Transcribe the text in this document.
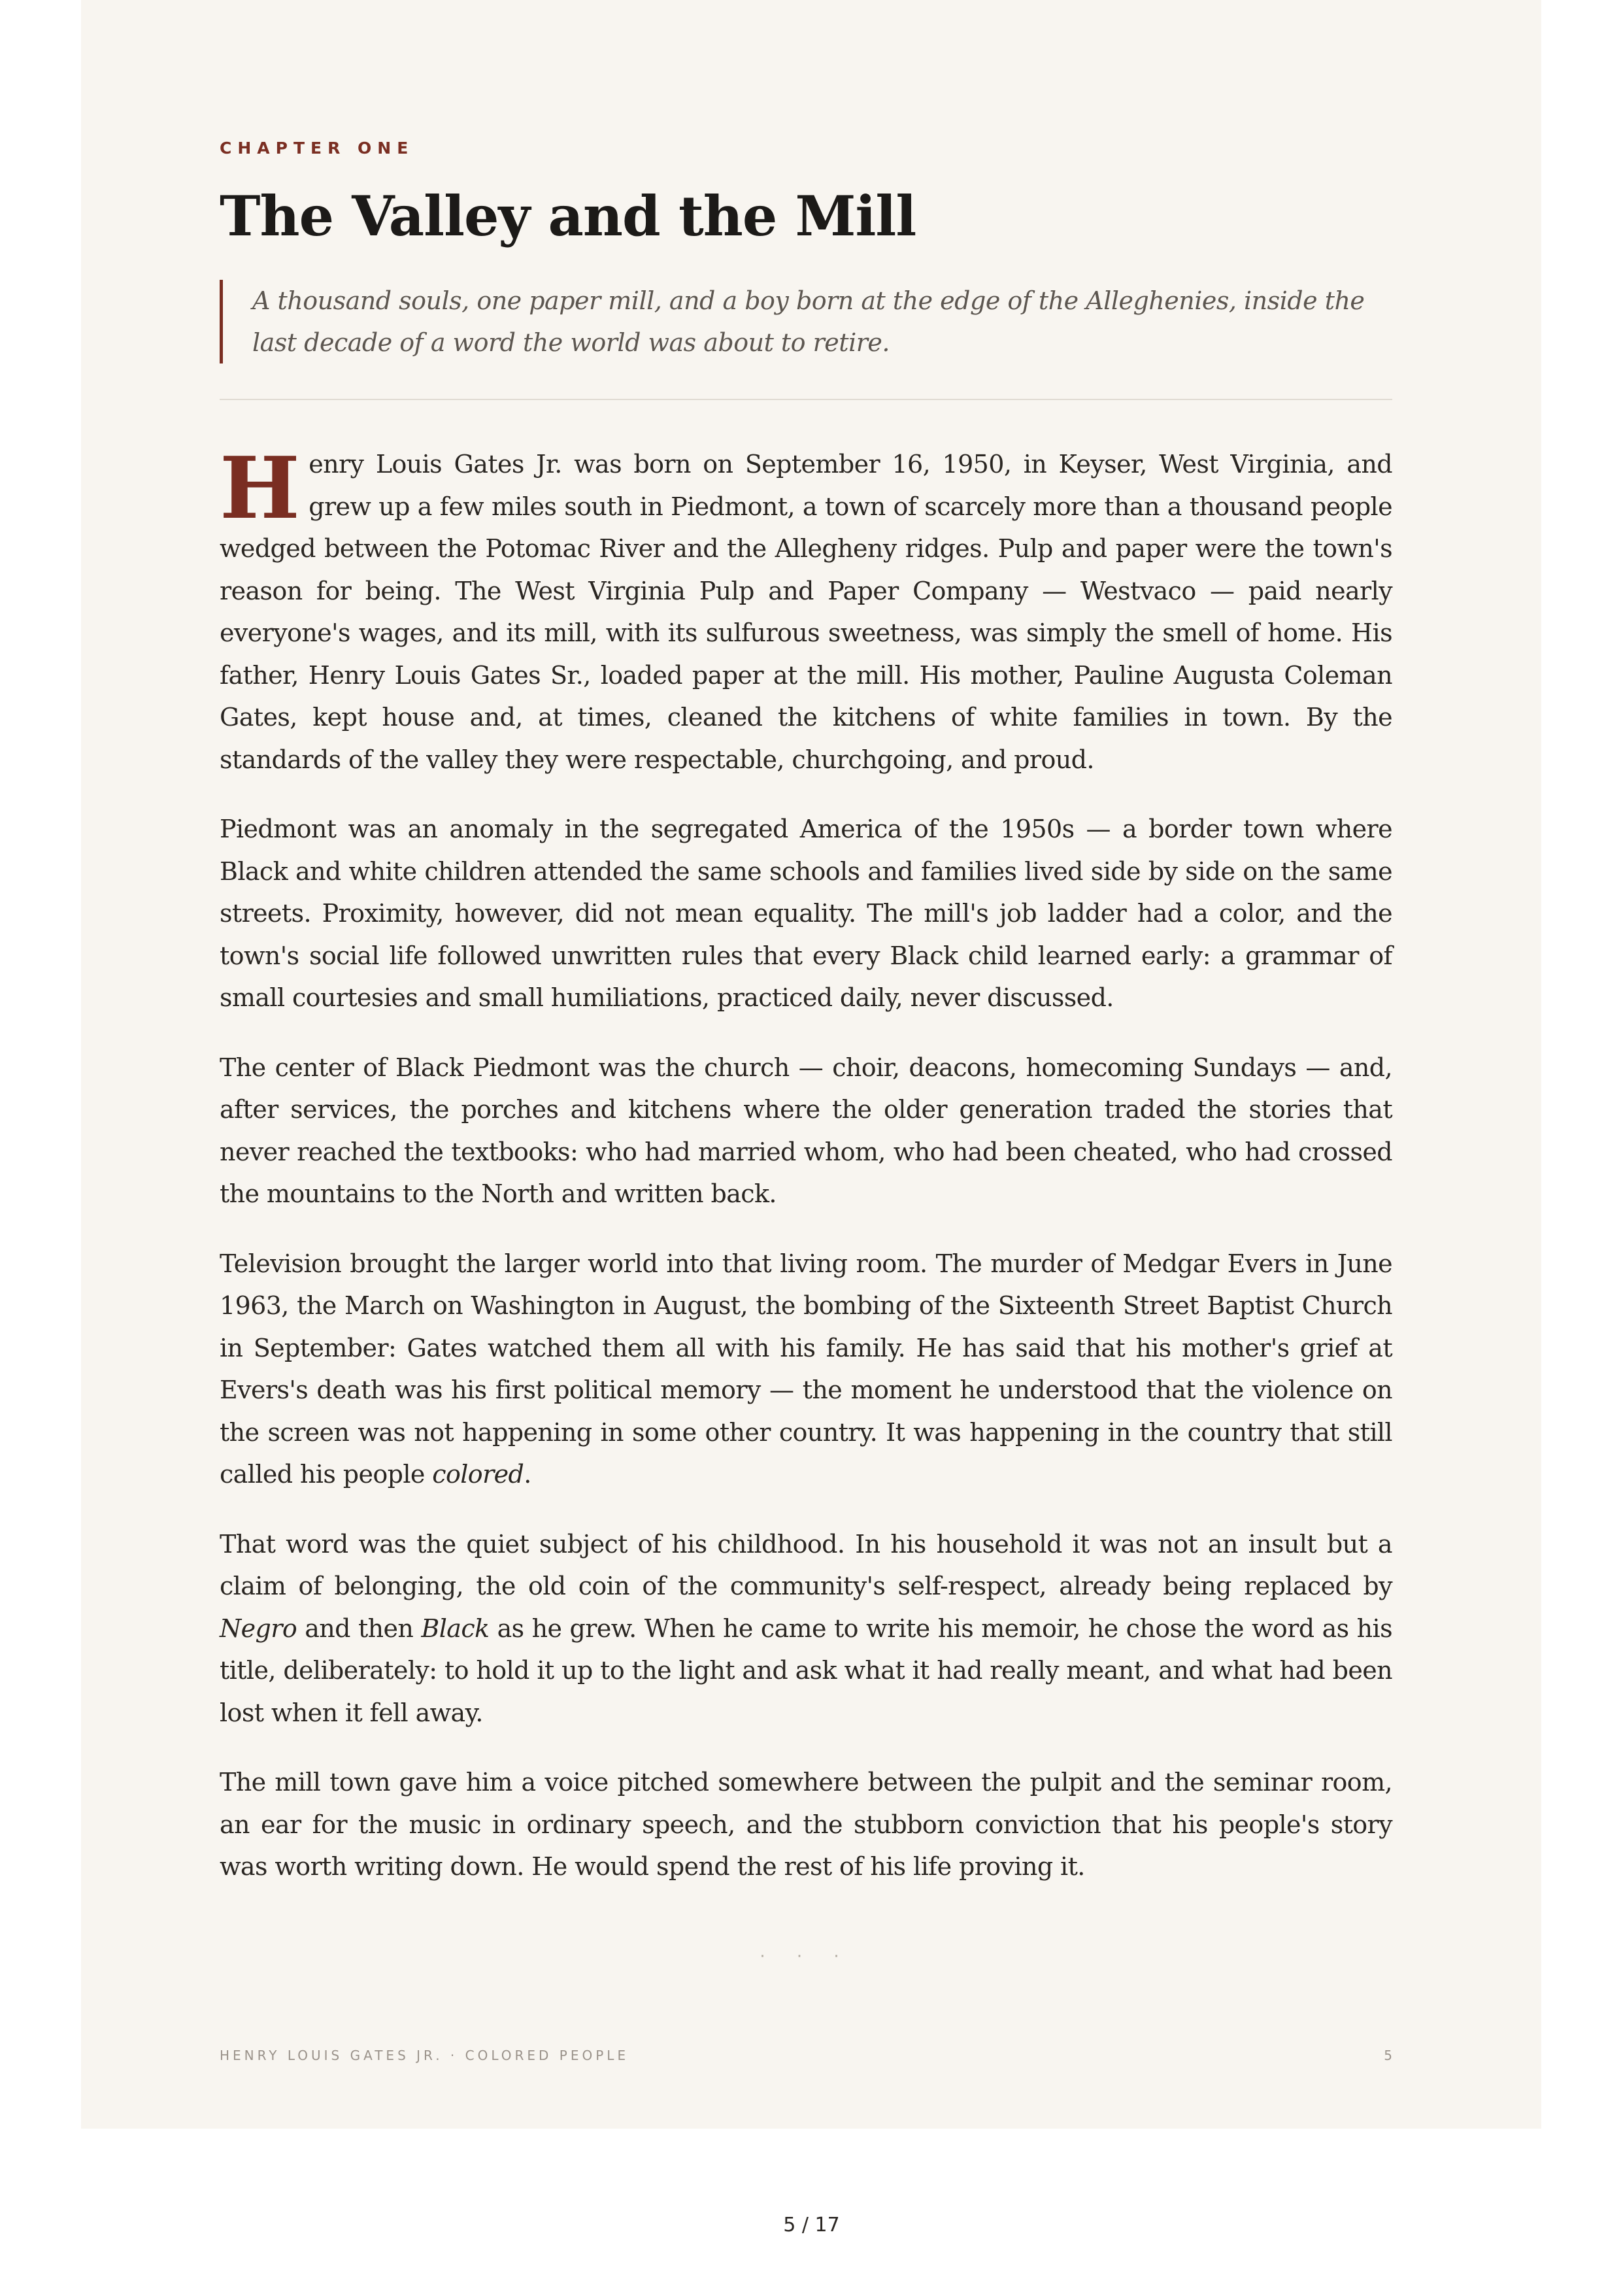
CHAPTER ONE
The Valley and the Mill
A thousand souls, one paper mill, and a boy born at the edge of the Alleghenies, inside the last decade of a word the world was about to retire.

Henry Louis Gates Jr. was born on September 16, 1950, in Keyser, West Virginia, and grew up a few miles south in Piedmont, a town of scarcely more than a thousand people wedged between the Potomac River and the Allegheny ridges. Pulp and paper were the town's reason for being. The West Virginia Pulp and Paper Company — Westvaco — paid nearly everyone's wages, and its mill, with its sulfurous sweetness, was simply the smell of home. His father, Henry Louis Gates Sr., loaded paper at the mill. His mother, Pauline Augusta Coleman Gates, kept house and, at times, cleaned the kitchens of white families in town. By the standards of the valley they were respectable, churchgoing, and proud.

Piedmont was an anomaly in the segregated America of the 1950s — a border town where Black and white children attended the same schools and families lived side by side on the same streets. Proximity, however, did not mean equality. The mill's job ladder had a color, and the town's social life followed unwritten rules that every Black child learned early: a grammar of small courtesies and small humiliations, practiced daily, never discussed.

The center of Black Piedmont was the church — choir, deacons, homecoming Sundays — and, after services, the porches and kitchens where the older generation traded the stories that never reached the textbooks: who had married whom, who had been cheated, who had crossed the mountains to the North and written back.

Television brought the larger world into that living room. The murder of Medgar Evers in June 1963, the March on Washington in August, the bombing of the Sixteenth Street Baptist Church in September: Gates watched them all with his family. He has said that his mother's grief at Evers's death was his first political memory — the moment he understood that the violence on the screen was not happening in some other country. It was happening in the country that still called his people colored.

That word was the quiet subject of his childhood. In his household it was not an insult but a claim of belonging, the old coin of the community's self-respect, already being replaced by Negro and then Black as he grew. When he came to write his memoir, he chose the word as his title, deliberately: to hold it up to the light and ask what it had really meant, and what had been lost when it fell away.

The mill town gave him a voice pitched somewhere between the pulpit and the seminar room, an ear for the music in ordinary speech, and the stubborn conviction that his people's story was worth writing down. He would spend the rest of his life proving it.

· · ·
HENRY LOUIS GATES JR. · COLORED PEOPLE	5
5 / 17
